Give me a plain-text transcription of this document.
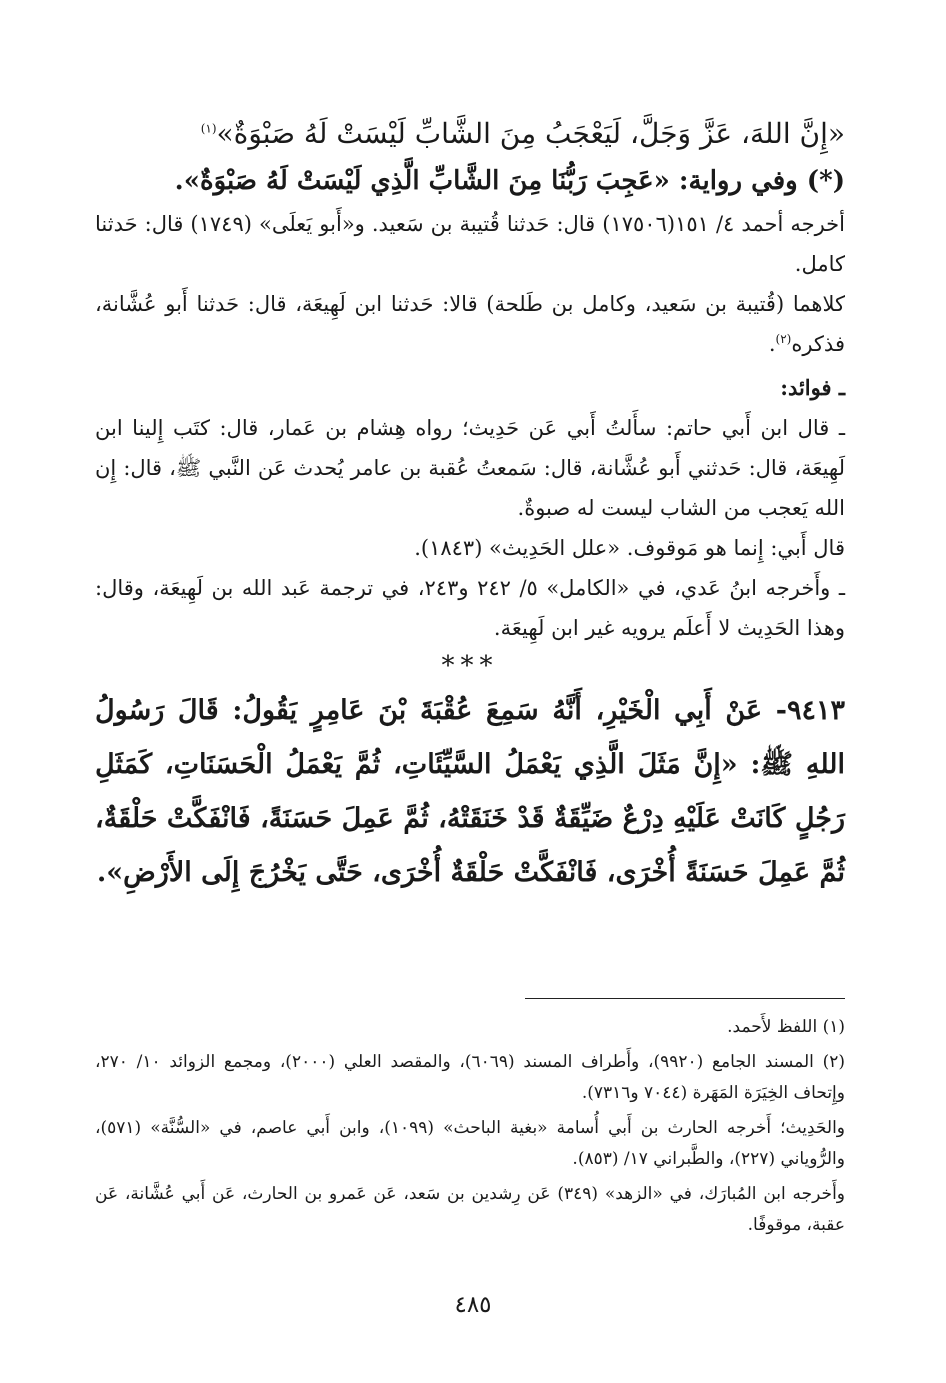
«إِنَّ اللهَ، عَزَّ وَجَلَّ، لَيَعْجَبُ مِنَ الشَّابِّ لَيْسَتْ لَهُ صَبْوَةٌ»$^{(١)}$

(*) وفي رواية: «عَجِبَ رَبُّنَا مِنَ الشَّابِّ الَّذِي لَيْسَتْ لَهُ صَبْوَةٌ».

أخرجه أحمد ٤/ ١٥١(١٧٥٠٦) قال: حَدثنا قُتيبة بن سَعيد. و«أَبو يَعلَى» (١٧٤٩) قال: حَدثنا كامل.

كلاهما (قُتيبة بن سَعيد، وكامل بن طَلحة) قالا: حَدثنا ابن لَهِيعَة، قال: حَدثنا أَبو عُشَّانة، فذكره$^{(٢)}$.

ـ فوائد:

ـ قال ابن أَبي حاتم: سأَلتُ أَبي عَن حَدِيث؛ رواه هِشام بن عَمار، قال: كتَب إِلينا ابن لَهِيعَة، قال: حَدثني أَبو عُشَّانة، قال: سَمعتُ عُقبة بن عامر يُحدث عَن النَّبي ﷺ، قال: إِن الله يَعجب من الشاب ليست له صبوةٌ.

قال أَبي: إِنما هو مَوقوف. «علل الحَدِيث» (١٨٤٣).

ـ وأَخرجه ابنُ عَدي، في «الكامل» ٥/ ٢٤٢ و٢٤٣، في ترجمة عَبد الله بن لَهِيعَة، وقال: وهذا الحَدِيث لا أَعلَم يرويه غير ابن لَهِيعَة.

***

٩٤١٣- عَنْ أَبِي الْخَيْرِ، أَنَّهُ سَمِعَ عُقْبَةَ بْنَ عَامِرٍ يَقُولُ: قَالَ رَسُولُ اللهِ ﷺ: «إِنَّ مَثَلَ الَّذِي يَعْمَلُ السَّيِّئَاتِ، ثُمَّ يَعْمَلُ الْحَسَنَاتِ، كَمَثَلِ رَجُلٍ كَانَتْ عَلَيْهِ دِرْعٌ ضَيِّقَةٌ قَدْ خَنَقَتْهُ، ثُمَّ عَمِلَ حَسَنَةً، فَانْفَكَّتْ حَلْقَةٌ، ثُمَّ عَمِلَ حَسَنَةً أُخْرَى، فَانْفَكَّتْ حَلْقَةٌ أُخْرَى، حَتَّى يَخْرُجَ إِلَى الأَرْضِ».

(١) اللفظ لأَحمد.

(٢) المسند الجامع (٩٩٢٠)، وأَطراف المسند (٦٠٦٩)، والمقصد العلي (٢٠٠٠)، ومجمع الزوائد ١٠/ ٢٧٠، وإِتحاف الخِيَرَة المَهَرة (٧٠٤٤ و٧٣١٦).

والحَدِيث؛ أَخرجه الحارث بن أَبي أُسامة «بغية الباحث» (١٠٩٩)، وابن أَبي عاصم، في «السُّنَّة» (٥٧١)، والرُّوياني (٢٢٧)، والطَّبراني ١٧/ (٨٥٣).

وأَخرجه ابن المُبارَك، في «الزهد» (٣٤٩) عَن رِشدين بن سَعد، عَن عَمرو بن الحارث، عَن أَبي عُشَّانة، عَن عقبة، موقوفًا.

٤٨٥
